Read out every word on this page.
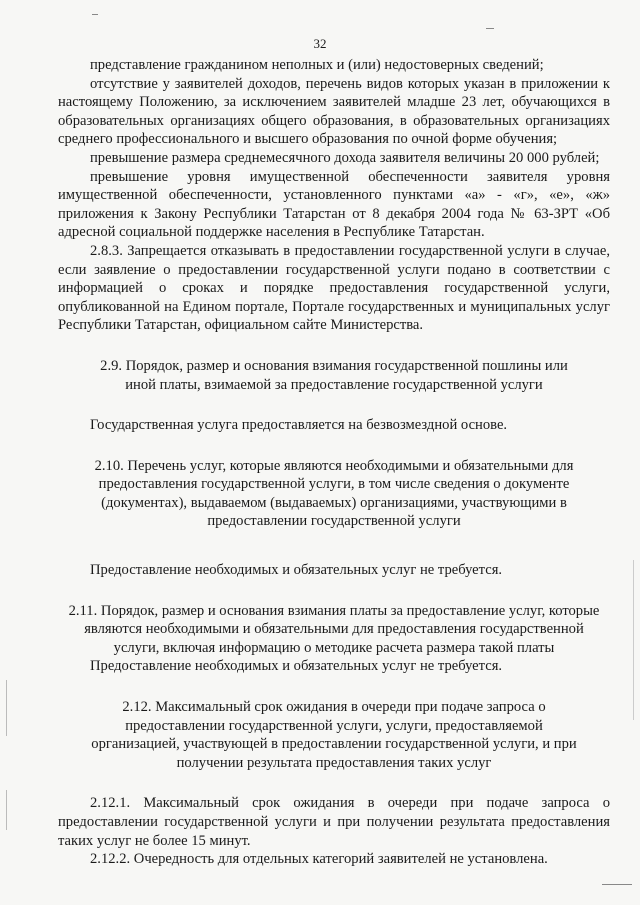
32

представление гражданином неполных и (или) недостоверных сведений;

отсутствие у заявителей доходов, перечень видов которых указан в приложении к настоящему Положению, за исключением заявителей младше 23 лет, обучающихся в образовательных организациях общего образования, в образовательных организациях среднего профессионального и высшего образования по очной форме обучения;

превышение размера среднемесячного дохода заявителя величины 20 000 рублей;

превышение уровня имущественной обеспеченности заявителя уровня имущественной обеспеченности, установленного пунктами «а» - «г», «е», «ж» приложения к Закону Республики Татарстан от 8 декабря 2004 года № 63-ЗРТ «Об адресной социальной поддержке населения в Республике Татарстан.

2.8.3. Запрещается отказывать в предоставлении государственной услуги в случае, если заявление о предоставлении государственной услуги подано в соответствии с информацией о сроках и порядке предоставления государственной услуги, опубликованной на Едином портале, Портале государственных и муниципальных услуг Республики Татарстан, официальном сайте Министерства.

2.9. Порядок, размер и основания взимания государственной пошлины или иной платы, взимаемой за предоставление государственной услуги

Государственная услуга предоставляется на безвозмездной основе.

2.10. Перечень услуг, которые являются необходимыми и обязательными для предоставления государственной услуги, в том числе сведения о документе (документах), выдаваемом (выдаваемых) организациями, участвующими в предоставлении государственной услуги

Предоставление необходимых и обязательных услуг не требуется.

2.11. Порядок, размер и основания взимания платы за предоставление услуг, которые являются необходимыми и обязательными для предоставления государственной услуги, включая информацию о методике расчета размера такой платы

Предоставление необходимых и обязательных услуг не требуется.

2.12. Максимальный срок ожидания в очереди при подаче запроса о предоставлении государственной услуги, услуги, предоставляемой организацией, участвующей в предоставлении государственной услуги, и при получении результата предоставления таких услуг

2.12.1. Максимальный срок ожидания в очереди при подаче запроса о предоставлении государственной услуги и при получении результата предоставления таких услуг не более 15 минут.

2.12.2. Очередность для отдельных категорий заявителей не установлена.
